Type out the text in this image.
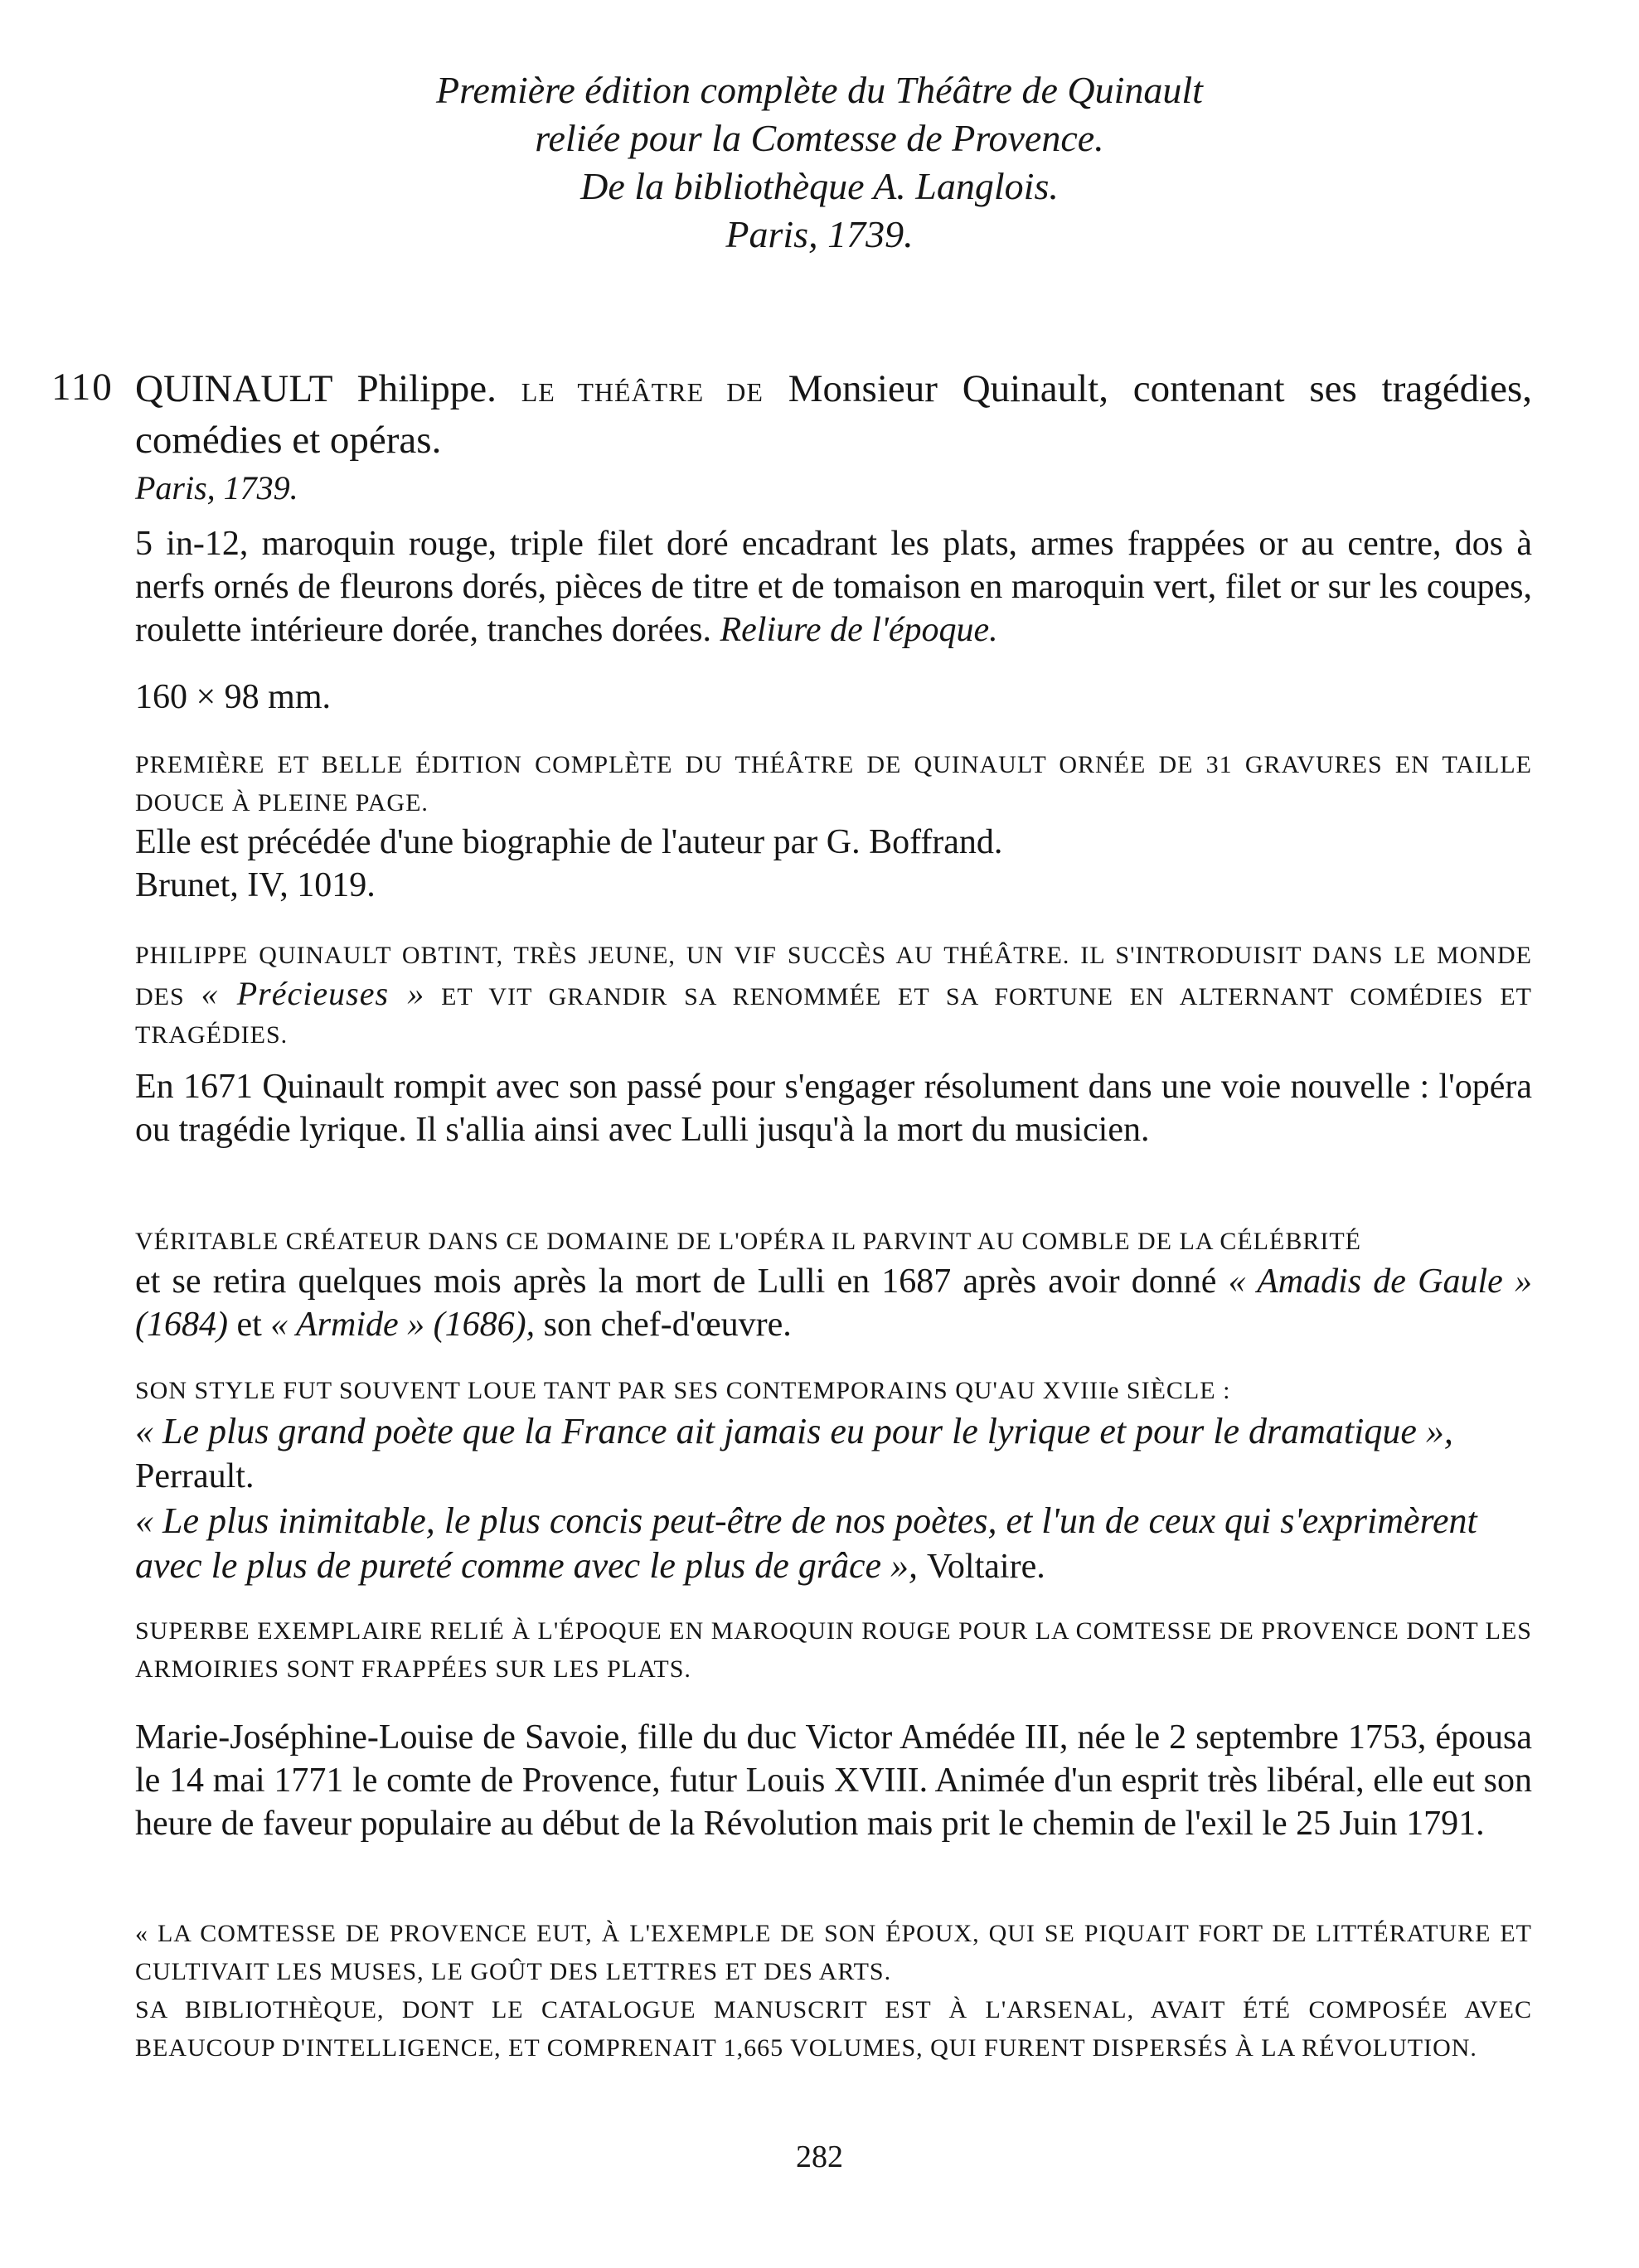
Première édition complète du Théâtre de Quinault
reliée pour la Comtesse de Provence.
De la bibliothèque A. Langlois.
Paris, 1739.
110 QUINAULT Philippe. LE THÉÂTRE DE Monsieur Quinault, contenant ses tragédies, comédies et opéras.
Paris, 1739.
5 in-12, maroquin rouge, triple filet doré encadrant les plats, armes frappées or au centre, dos à nerfs ornés de fleurons dorés, pièces de titre et de tomaison en maroquin vert, filet or sur les coupes, roulette intérieure dorée, tranches dorées. Reliure de l'époque.
160 × 98 mm.
PREMIÈRE ET BELLE ÉDITION COMPLÈTE DU THÉÂTRE DE QUINAULT ORNÉE DE 31 GRAVURES EN TAILLE DOUCE À PLEINE PAGE.
Elle est précédée d'une biographie de l'auteur par G. Boffrand.
Brunet, IV, 1019.
PHILIPPE QUINAULT OBTINT, TRÈS JEUNE, UN VIF SUCCÈS AU THÉÂTRE. IL S'INTRODUISIT DANS LE MONDE DES « Précieuses » ET VIT GRANDIR SA RENOMMÉE ET SA FORTUNE EN ALTERNANT COMÉDIES ET TRAGÉDIES.
En 1671 Quinault rompit avec son passé pour s'engager résolument dans une voie nouvelle : l'opéra ou tragédie lyrique. Il s'allia ainsi avec Lulli jusqu'à la mort du musicien.
VÉRITABLE CRÉATEUR DANS CE DOMAINE DE L'OPÉRA IL PARVINT AU COMBLE DE LA CÉLÉBRITÉ
et se retira quelques mois après la mort de Lulli en 1687 après avoir donné « Amadis de Gaule » (1684) et « Armide » (1686), son chef-d'œuvre.
SON STYLE FUT SOUVENT LOUE TANT PAR SES CONTEMPORAINS QU'AU XVIIIe SIÈCLE :
« Le plus grand poète que la France ait jamais eu pour le lyrique et pour le dramatique »,
Perrault.
« Le plus inimitable, le plus concis peut-être de nos poètes, et l'un de ceux qui s'exprimèrent avec le plus de pureté comme avec le plus de grâce », Voltaire.
SUPERBE EXEMPLAIRE RELIÉ À L'ÉPOQUE EN MAROQUIN ROUGE POUR LA COMTESSE DE PROVENCE DONT LES ARMOIRIES SONT FRAPPÉES SUR LES PLATS.
Marie-Joséphine-Louise de Savoie, fille du duc Victor Amédée III, née le 2 septembre 1753, épousa le 14 mai 1771 le comte de Provence, futur Louis XVIII. Animée d'un esprit très libéral, elle eut son heure de faveur populaire au début de la Révolution mais prit le chemin de l'exil le 25 Juin 1791.
« LA COMTESSE DE PROVENCE EUT, À L'EXEMPLE DE SON ÉPOUX, QUI SE PIQUAIT FORT DE LITTÉRATURE ET CULTIVAIT LES MUSES, LE GOÛT DES LETTRES ET DES ARTS.
SA BIBLIOTHÈQUE, DONT LE CATALOGUE MANUSCRIT EST À L'ARSENAL, AVAIT ÉTÉ COMPOSÉE AVEC BEAUCOUP D'INTELLIGENCE, ET COMPRENAIT 1,665 VOLUMES, QUI FURENT DISPERSÉS À LA RÉVOLUTION.
282
